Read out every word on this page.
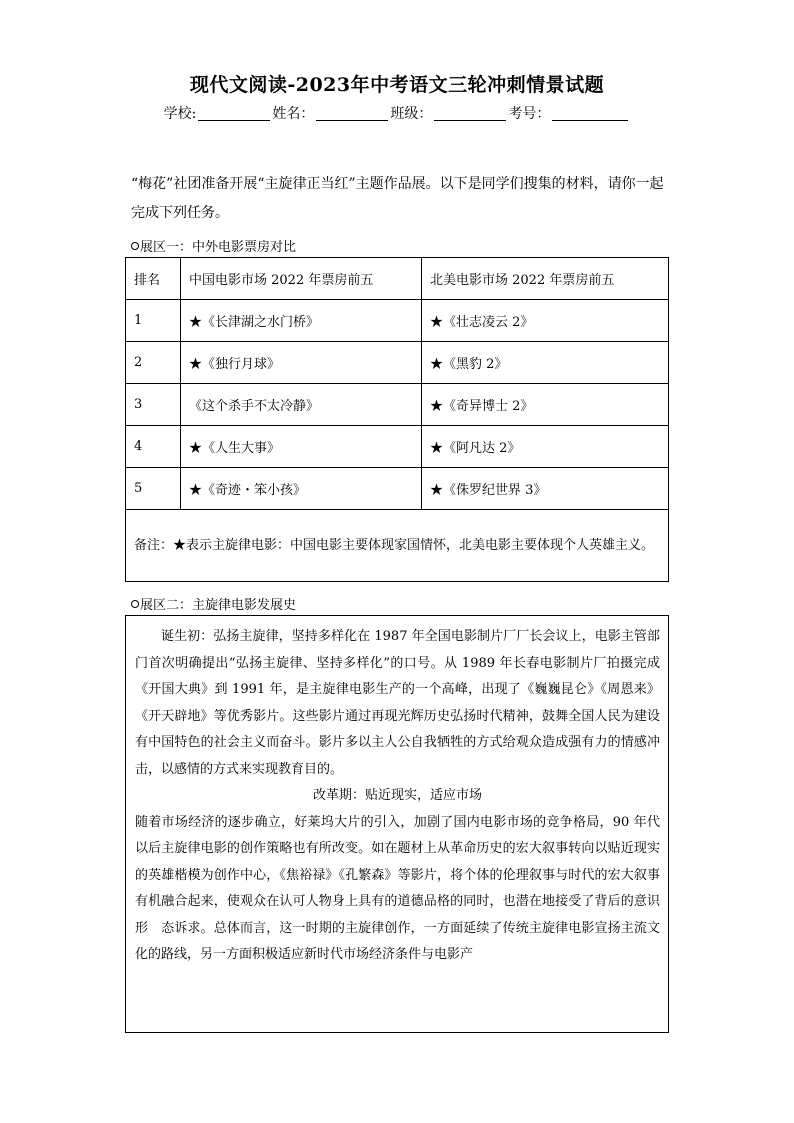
现代文阅读-2023年中考语文三轮冲刺情景试题
学校:	姓名：	班级：	考号：
“梅花”社团准备开展“主旋律正当红”主题作品展。以下是同学们搜集的材料，请你一起完成下列任务。
展区一：中外电影票房对比
排名	中国电影市场 2022 年票房前五	北美电影市场 2022 年票房前五
1	★《长津湖之水门桥》	★《壮志凌云 2》
2	★《独行月球》	★《黑豹 2》
3	《这个杀手不太冷静》	★《奇异博士 2》
4	★《人生大事》	★《阿凡达 2》
5	★《奇迹・笨小孩》	★《侏罗纪世界 3》
备注：★表示主旋律电影：中国电影主要体现家国情怀，北美电影主要体现个人英雄主义。		
展区二：主旋律电影发展史

诞生初：弘扬主旋律，坚持多样化在 1987 年全国电影制片厂厂长会议上，电影主管部门首次明确提出“弘扬主旋律、坚持多样化”的口号。从 1989 年长春电影制片厂拍摄完成《开国大典》到 1991 年，是主旋律电影生产的一个高峰，出现了《巍巍昆仑》《周恩来》《开天辟地》等优秀影片。这些影片通过再现光辉历史弘扬时代精神，鼓舞全国人民为建设有中国特色的社会主义而奋斗。影片多以主人公自我牺牲的方式给观众造成强有力的情感冲击，以感情的方式来实现教育目的。

改革期：贴近现实，适应市场

随着市场经济的逐步确立，好莱坞大片的引入，加剧了国内电影市场的竞争格局，90 年代以后主旋律电影的创作策略也有所改变。如在题材上从革命历史的宏大叙事转向以贴近现实　的英雄楷模为创作中心，《焦裕禄》《孔繁森》等影片，将个体的伦理叙事与时代的宏大叙事　有机融合起来，使观众在认可人物身上具有的道德品格的同时，也潜在地接受了背后的意识形　态诉求。总体而言，这一时期的主旋律创作，一方面延续了传统主旋律电影宣扬主流文化的路线，另一方面积极适应新时代市场经济条件与电影产
